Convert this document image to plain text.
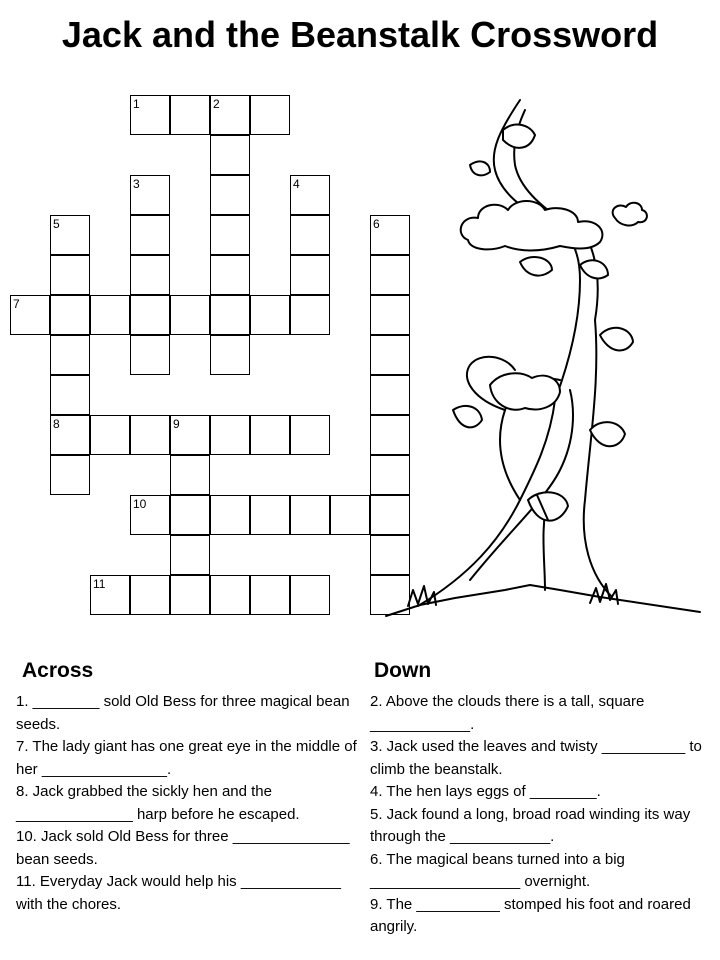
Jack and the Beanstalk Crossword
1	2
3	4
5
8
6
7
9
10
11
Across	Down
1. ________ sold Old Bess for three magical bean seeds.
7. The lady giant has one great eye in the middle of her _______________.
8. Jack grabbed the sickly hen and the ______________ harp before he escaped.
10. Jack sold Old Bess for three ______________ bean seeds.
11. Everyday Jack would help his ____________ with the chores.
2. Above the clouds there is a tall, square ____________.
3. Jack used the leaves and twisty __________ to climb the beanstalk.
4. The hen lays eggs of ________.
5. Jack found a long, broad road winding its way through the ____________.
6. The magical beans turned into a big __________________ overnight.
9. The __________ stomped his foot and roared angrily.
